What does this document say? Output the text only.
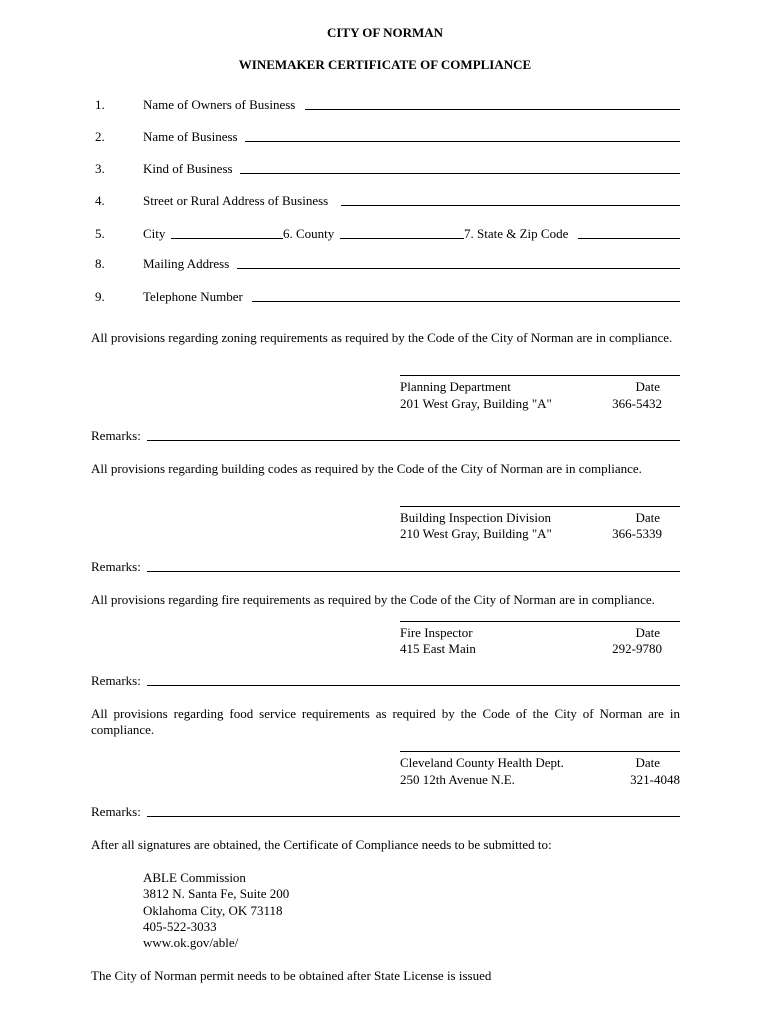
CITY OF NORMAN
WINEMAKER CERTIFICATE OF COMPLIANCE
1.	Name of Owners of Business
2.	Name of Business
3.	Kind of Business
4.	Street or Rural Address of Business
5.	City	6. County	7. State & Zip Code
8.	Mailing Address
9.	Telephone Number
All provisions regarding zoning requirements as required by the Code of the City of Norman are in compliance.
Planning Department	Date
201 West Gray, Building "A"	366-5432
Remarks:
All provisions regarding building codes as required by the Code of the City of Norman are in compliance.
Building Inspection Division	Date
210 West Gray, Building "A"	366-5339
Remarks:
All provisions regarding fire requirements as required by the Code of the City of Norman are in compliance.
Fire Inspector	Date
415 East Main	292-9780
Remarks:
All provisions regarding food service requirements as required by the Code of the City of Norman are in compliance.
Cleveland County Health Dept.	Date
250 12th Avenue N.E.	321-4048
Remarks:
After all signatures are obtained, the Certificate of Compliance needs to be submitted to:
ABLE Commission
3812 N. Santa Fe, Suite 200
Oklahoma City, OK 73118
405-522-3033
www.ok.gov/able/
The City of Norman permit needs to be obtained after State License is issued
